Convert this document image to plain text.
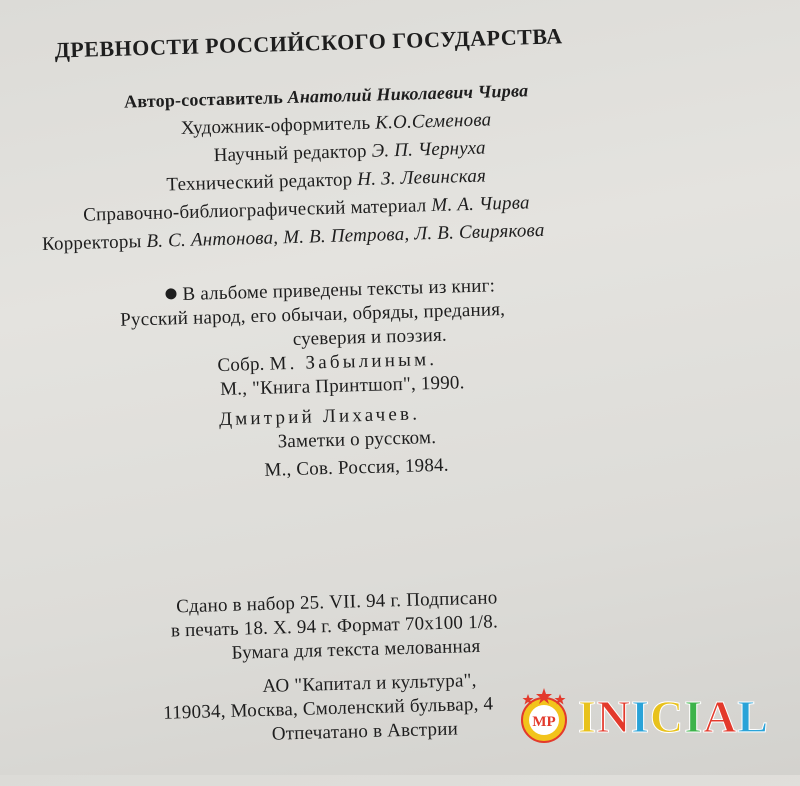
ДРЕВНОСТИ РОССИЙСКОГО ГОСУДАРСТВА
Автор-составитель Анатолий Николаевич Чирва
Художник-оформитель К.О.Семенова
Научный редактор Э. П. Чернуха
Технический редактор Н. З. Левинская
Справочно-библиографический материал М. А. Чирва
Корректоры В. С. Антонова, М. В. Петрова, Л. В. Свирякова
В альбоме приведены тексты из книг:
Русский народ, его обычаи, обряды, предания,
суеверия и поэзия.
Собр. М. Забылиным.
М., "Книга Принтшоп", 1990.
Дмитрий Лихачев.
Заметки о русском.
М., Сов. Россия, 1984.
Сдано в набор 25. VII. 94 г. Подписано
в печать 18. Х. 94 г. Формат 70х100 1/8.
Бумага для текста мелованная
АО "Капитал и культура",
119034, Москва, Смоленский бульвар, 4
Отпечатано в Австрии	MP INICIAL
